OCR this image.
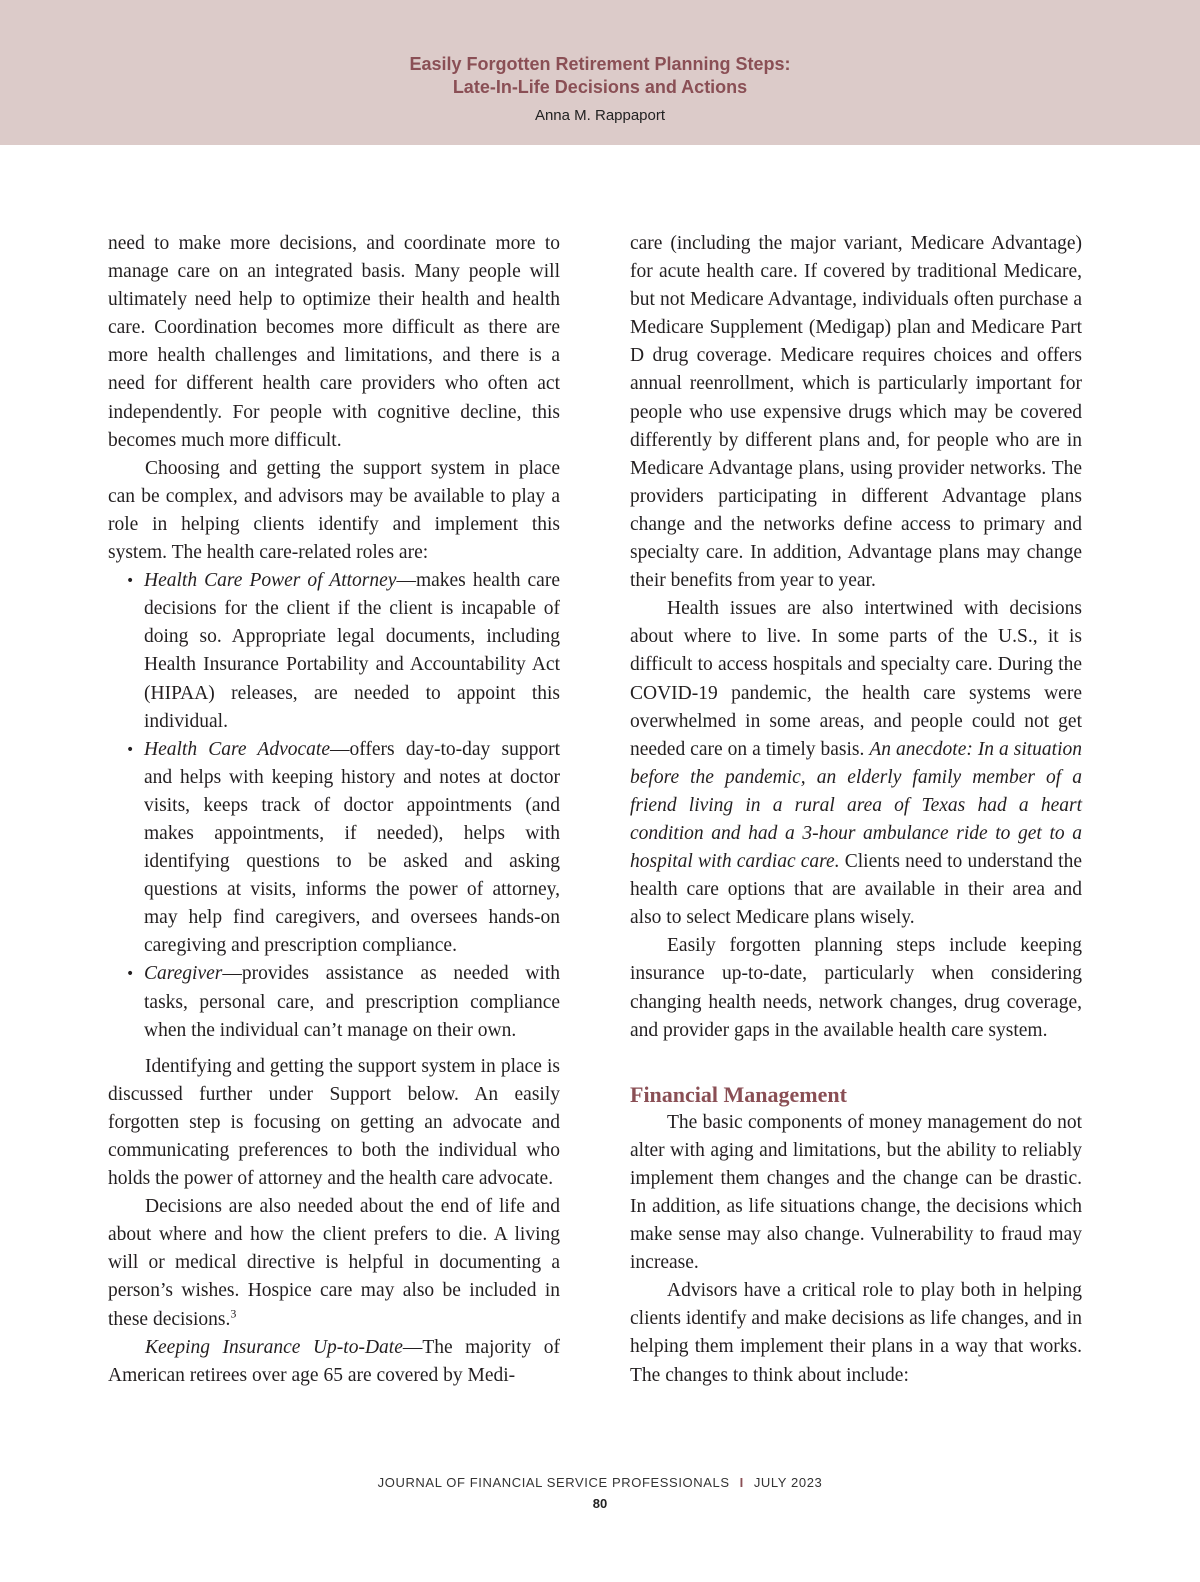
Easily Forgotten Retirement Planning Steps:
Late-In-Life Decisions and Actions
Anna M. Rappaport

need to make more decisions, and coordinate more to manage care on an integrated basis. Many people will ultimately need help to optimize their health and health care. Coordination becomes more difficult as there are more health challenges and limitations, and there is a need for different health care providers who often act independently. For people with cognitive decline, this becomes much more difficult.

Choosing and getting the support system in place can be complex, and advisors may be available to play a role in helping clients identify and implement this system. The health care-related roles are:

• Health Care Power of Attorney—makes health care decisions for the client if the client is incapable of doing so. Appropriate legal documents, including Health Insurance Portability and Accountability Act (HIPAA) releases, are needed to appoint this individual.
• Health Care Advocate—offers day-to-day support and helps with keeping history and notes at doctor visits, keeps track of doctor appointments (and makes appointments, if needed), helps with identifying questions to be asked and asking questions at visits, informs the power of attorney, may help find caregivers, and oversees hands-on caregiving and prescription compliance.
• Caregiver—provides assistance as needed with tasks, personal care, and prescription compliance when the individual can’t manage on their own.

Identifying and getting the support system in place is discussed further under Support below. An easily forgotten step is focusing on getting an advocate and communicating preferences to both the individual who holds the power of attorney and the health care advocate.

Decisions are also needed about the end of life and about where and how the client prefers to die. A living will or medical directive is helpful in documenting a person’s wishes. Hospice care may also be included in these decisions.$^3$

Keeping Insurance Up-to-Date—The majority of American retirees over age 65 are covered by Medi-

care (including the major variant, Medicare Advantage) for acute health care. If covered by traditional Medicare, but not Medicare Advantage, individuals often purchase a Medicare Supplement (Medigap) plan and Medicare Part D drug coverage. Medicare requires choices and offers annual reenrollment, which is particularly important for people who use expensive drugs which may be covered differently by different plans and, for people who are in Medicare Advantage plans, using provider networks. The providers participating in different Advantage plans change and the networks define access to primary and specialty care. In addition, Advantage plans may change their benefits from year to year.

Health issues are also intertwined with decisions about where to live. In some parts of the U.S., it is difficult to access hospitals and specialty care. During the COVID-19 pandemic, the health care systems were overwhelmed in some areas, and people could not get needed care on a timely basis. An anecdote: In a situation before the pandemic, an elderly family member of a friend living in a rural area of Texas had a heart condition and had a 3-hour ambulance ride to get to a hospital with cardiac care. Clients need to understand the health care options that are available in their area and also to select Medicare plans wisely.

Easily forgotten planning steps include keeping insurance up-to-date, particularly when considering changing health needs, network changes, drug coverage, and provider gaps in the available health care system.

Financial Management

The basic components of money management do not alter with aging and limitations, but the ability to reliably implement them changes and the change can be drastic. In addition, as life situations change, the decisions which make sense may also change. Vulnerability to fraud may increase.

Advisors have a critical role to play both in helping clients identify and make decisions as life changes, and in helping them implement their plans in a way that works. The changes to think about include:

JOURNAL OF FINANCIAL SERVICE PROFESSIONALS I JULY 2023
80
